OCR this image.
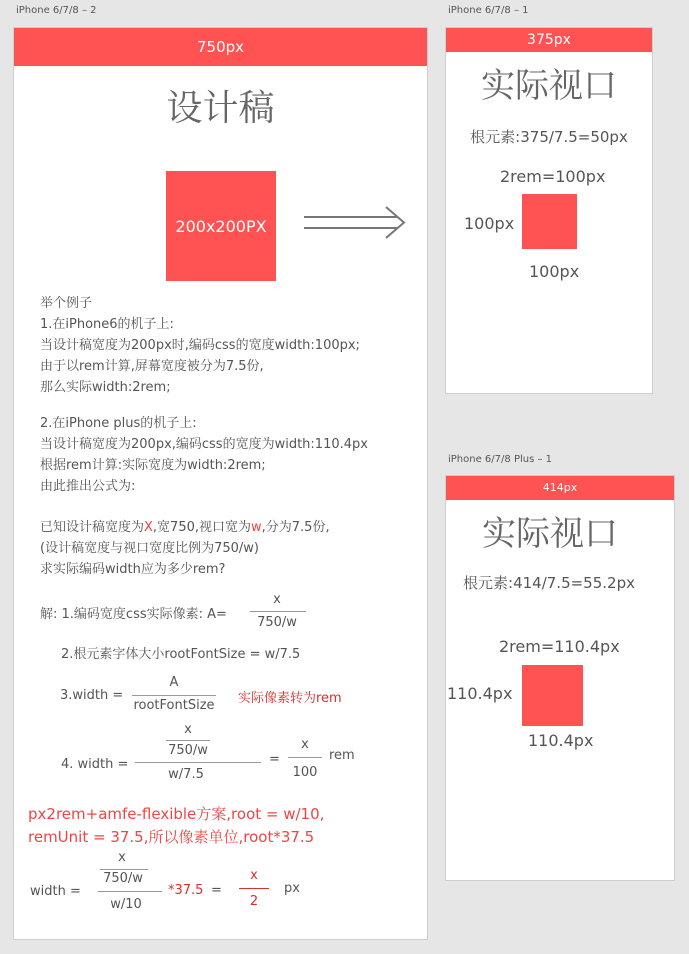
iPhone 6/7/8 – 2	iPhone 6/7/8 – 1
iPhone 6/7/8 Plus – 1
750px
设计稿
200x200PX
举个例子
1.在iPhone6的机子上:
当设计稿宽度为200px时,编码css的宽度width:100px;
由于以rem计算,屏幕宽度被分为7.5份,
那么实际width:2rem;
2.在iPhone plus的机子上:
当设计稿宽度为200px,编码css的宽度为width:110.4px
根据rem计算:实际宽度为width:2rem;
由此推出公式为:
已知设计稿宽度为X,宽750,视口宽为w,分为7.5份,
(设计稿宽度与视口宽度比例为750/w)
求实际编码width应为多少rem?
解: 1.编码宽度css实际像素: A=
x
750/w
2.根元素字体大小rootFontSize = w/7.5
3.width =
A
rootFontSize 实际像素转为rem
4. width =
x
750/w
w/7.5
=
x
100
rem
px2rem+amfe-flexible方案,root = w/10,
remUnit = 37.5,所以像素单位,root*37.5
width =
x
750/w
w/10
*37.5 =
x
2
px
375px
实际视口
根元素:375/7.5=50px
2rem=100px
100px
100px
414px
实际视口
根元素:414/7.5=55.2px
2rem=110.4px
110.4px
110.4px
